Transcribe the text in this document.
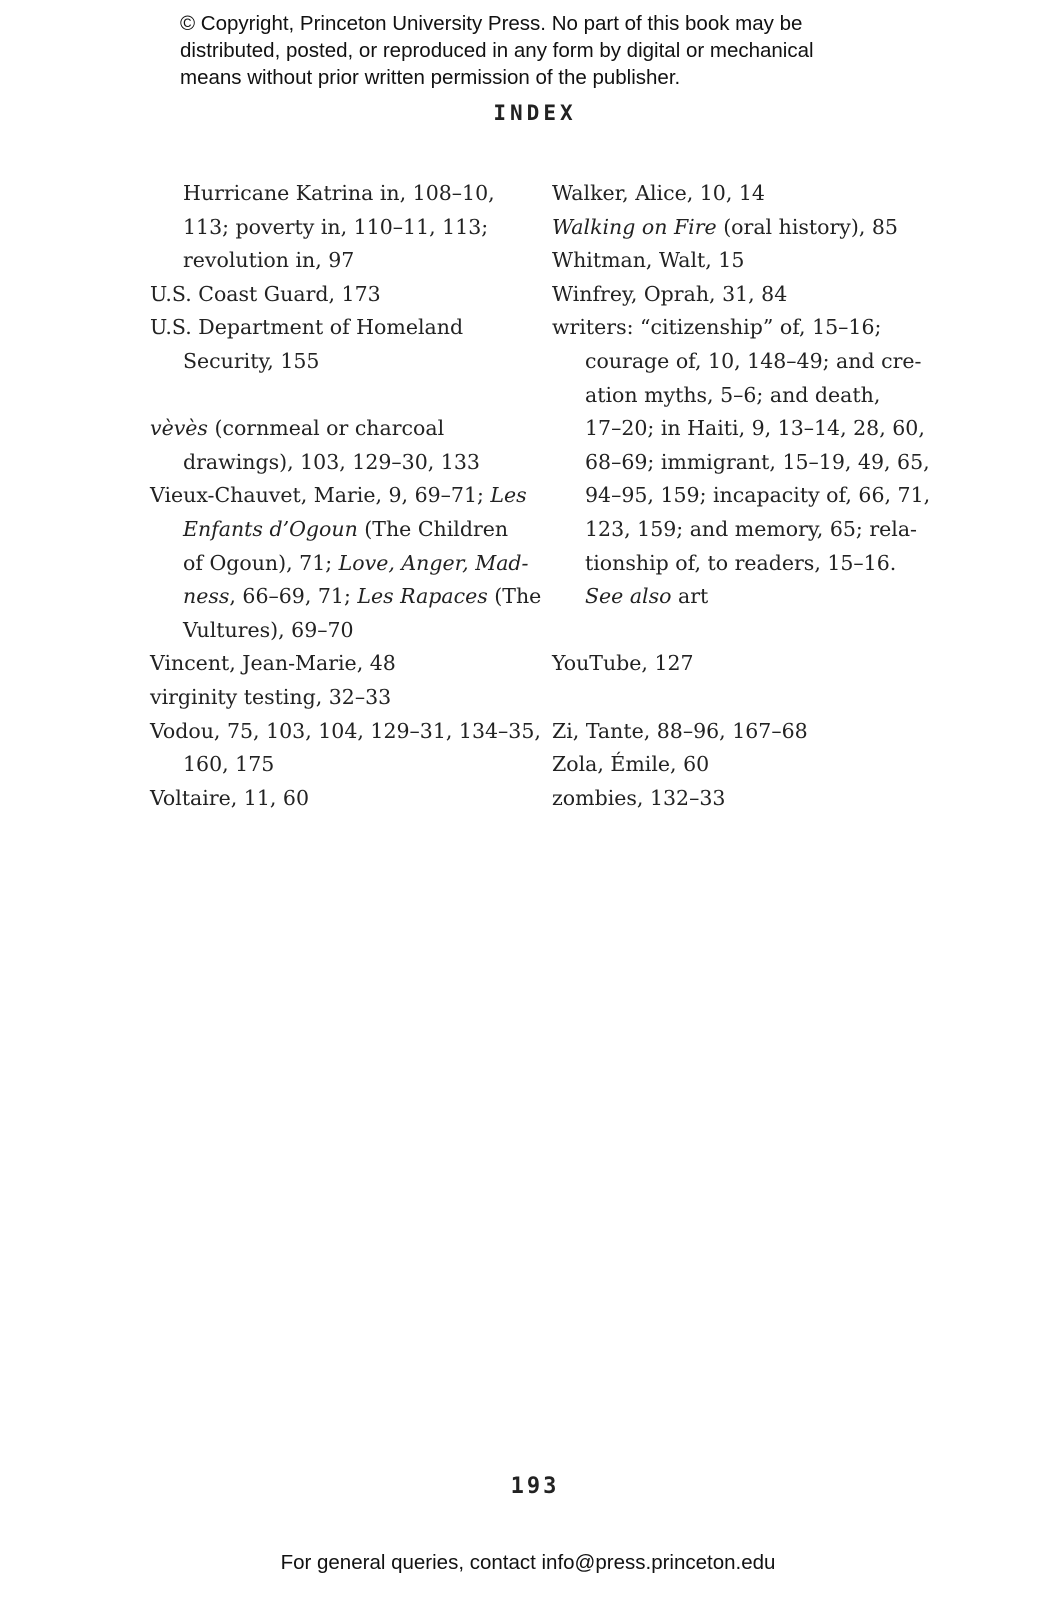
© Copyright, Princeton University Press. No part of this book may be
distributed, posted, or reproduced in any form by digital or mechanical
means without prior written permission of the publisher.
INDEX
Hurricane Katrina in, 108–10,
113; poverty in, 110–11, 113;
revolution in, 97
U.S. Coast Guard, 173
U.S. Department of Homeland
Security, 155
vèvès (cornmeal or charcoal
drawings), 103, 129–30, 133
Vieux-Chauvet, Marie, 9, 69–71; Les
Enfants d’Ogoun (The Children
of Ogoun), 71; Love, Anger, Mad-
ness, 66–69, 71; Les Rapaces (The
Vultures), 69–70
Vincent, Jean-Marie, 48
virginity testing, 32–33
Vodou, 75, 103, 104, 129–31, 134–35,
160, 175
Voltaire, 11, 60
Walker, Alice, 10, 14
Walking on Fire (oral history), 85
Whitman, Walt, 15
Winfrey, Oprah, 31, 84
writers: “citizenship” of, 15–16;
courage of, 10, 148–49; and cre-
ation myths, 5–6; and death,
17–20; in Haiti, 9, 13–14, 28, 60,
68–69; immigrant, 15–19, 49, 65,
94–95, 159; incapacity of, 66, 71,
123, 159; and memory, 65; rela-
tionship of, to readers, 15–16.
See also art
YouTube, 127
Zi, Tante, 88–96, 167–68
Zola, Émile, 60
zombies, 132–33
193
For general queries, contact info@press.princeton.edu
